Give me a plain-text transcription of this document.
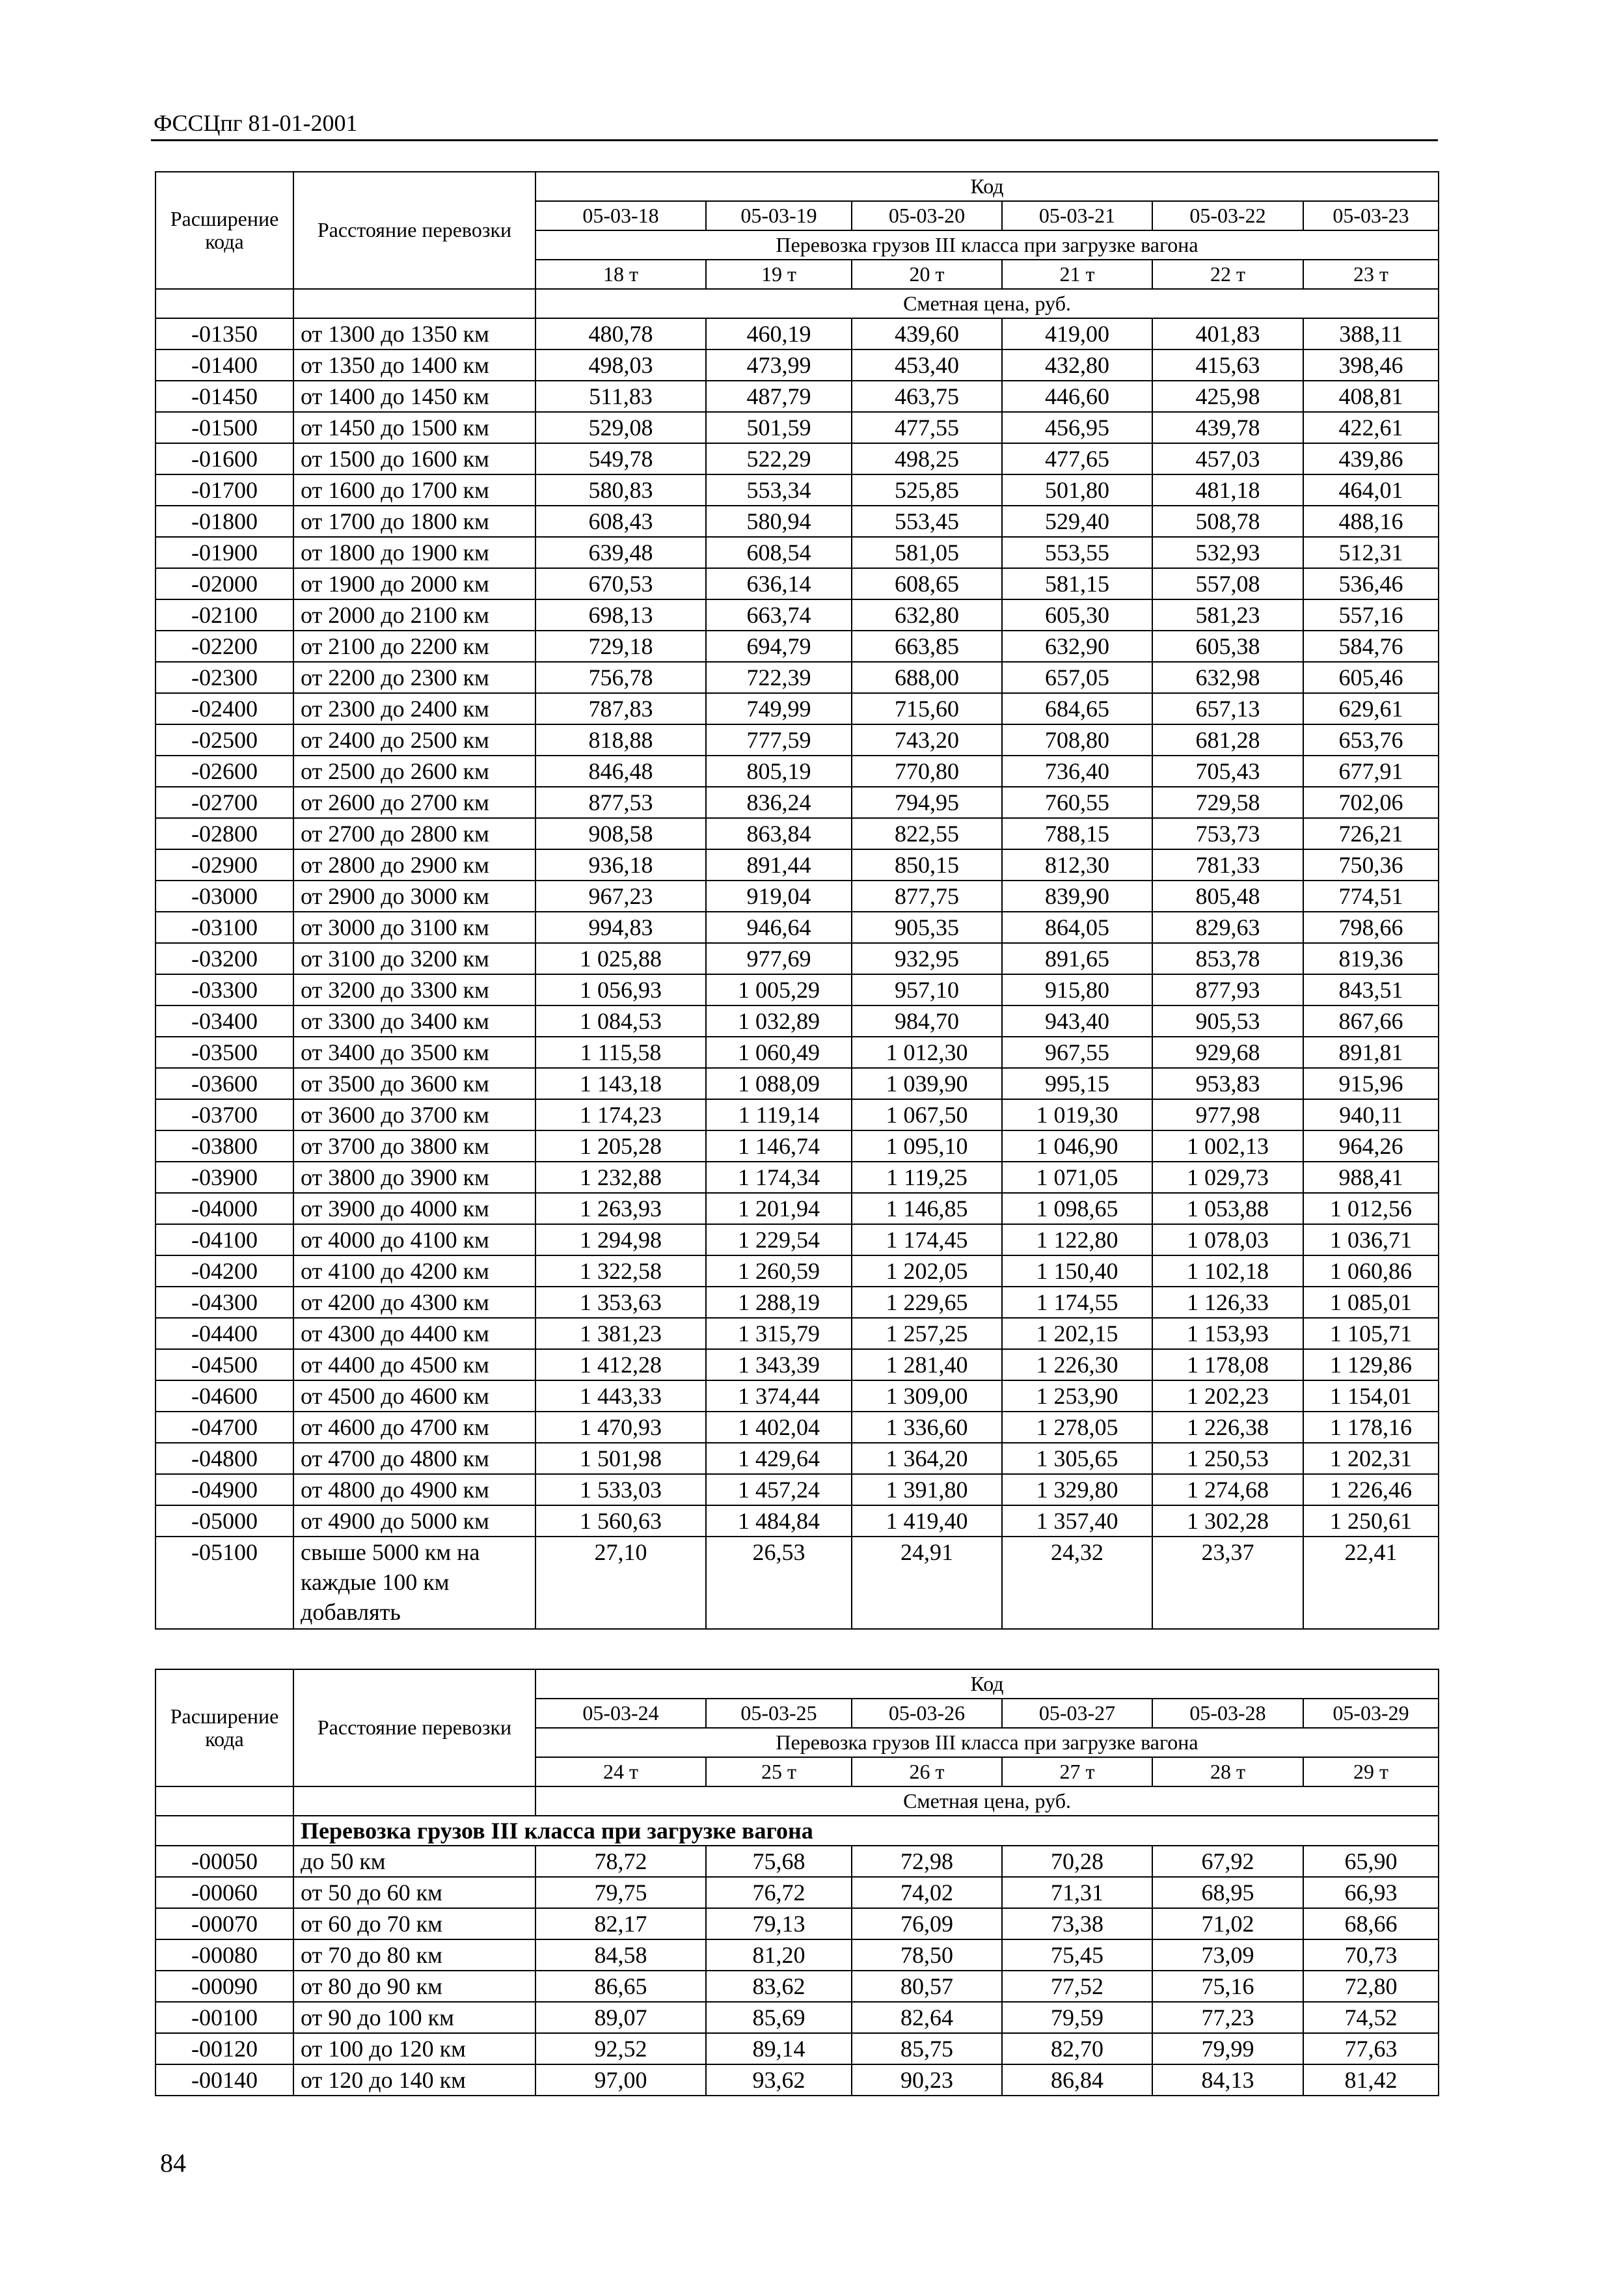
ФССЦпг 81-01-2001
Расширение кода	Расстояние перевозки	Код					
		05-03-18	05-03-19	05-03-20	05-03-21	05-03-22	05-03-23
		Перевозка грузов III класса при загрузке вагона					
		18 т	19 т	20 т	21 т	22 т	23 т
		Сметная цена, руб.					
-01350	от 1300 до 1350 км	480,78	460,19	439,60	419,00	401,83	388,11
-01400	от 1350 до 1400 км	498,03	473,99	453,40	432,80	415,63	398,46
-01450	от 1400 до 1450 км	511,83	487,79	463,75	446,60	425,98	408,81
-01500	от 1450 до 1500 км	529,08	501,59	477,55	456,95	439,78	422,61
-01600	от 1500 до 1600 км	549,78	522,29	498,25	477,65	457,03	439,86
-01700	от 1600 до 1700 км	580,83	553,34	525,85	501,80	481,18	464,01
-01800	от 1700 до 1800 км	608,43	580,94	553,45	529,40	508,78	488,16
-01900	от 1800 до 1900 км	639,48	608,54	581,05	553,55	532,93	512,31
-02000	от 1900 до 2000 км	670,53	636,14	608,65	581,15	557,08	536,46
-02100	от 2000 до 2100 км	698,13	663,74	632,80	605,30	581,23	557,16
-02200	от 2100 до 2200 км	729,18	694,79	663,85	632,90	605,38	584,76
-02300	от 2200 до 2300 км	756,78	722,39	688,00	657,05	632,98	605,46
-02400	от 2300 до 2400 км	787,83	749,99	715,60	684,65	657,13	629,61
-02500	от 2400 до 2500 км	818,88	777,59	743,20	708,80	681,28	653,76
-02600	от 2500 до 2600 км	846,48	805,19	770,80	736,40	705,43	677,91
-02700	от 2600 до 2700 км	877,53	836,24	794,95	760,55	729,58	702,06
-02800	от 2700 до 2800 км	908,58	863,84	822,55	788,15	753,73	726,21
-02900	от 2800 до 2900 км	936,18	891,44	850,15	812,30	781,33	750,36
-03000	от 2900 до 3000 км	967,23	919,04	877,75	839,90	805,48	774,51
-03100	от 3000 до 3100 км	994,83	946,64	905,35	864,05	829,63	798,66
-03200	от 3100 до 3200 км	1 025,88	977,69	932,95	891,65	853,78	819,36
-03300	от 3200 до 3300 км	1 056,93	1 005,29	957,10	915,80	877,93	843,51
-03400	от 3300 до 3400 км	1 084,53	1 032,89	984,70	943,40	905,53	867,66
-03500	от 3400 до 3500 км	1 115,58	1 060,49	1 012,30	967,55	929,68	891,81
-03600	от 3500 до 3600 км	1 143,18	1 088,09	1 039,90	995,15	953,83	915,96
-03700	от 3600 до 3700 км	1 174,23	1 119,14	1 067,50	1 019,30	977,98	940,11
-03800	от 3700 до 3800 км	1 205,28	1 146,74	1 095,10	1 046,90	1 002,13	964,26
-03900	от 3800 до 3900 км	1 232,88	1 174,34	1 119,25	1 071,05	1 029,73	988,41
-04000	от 3900 до 4000 км	1 263,93	1 201,94	1 146,85	1 098,65	1 053,88	1 012,56
-04100	от 4000 до 4100 км	1 294,98	1 229,54	1 174,45	1 122,80	1 078,03	1 036,71
-04200	от 4100 до 4200 км	1 322,58	1 260,59	1 202,05	1 150,40	1 102,18	1 060,86
-04300	от 4200 до 4300 км	1 353,63	1 288,19	1 229,65	1 174,55	1 126,33	1 085,01
-04400	от 4300 до 4400 км	1 381,23	1 315,79	1 257,25	1 202,15	1 153,93	1 105,71
-04500	от 4400 до 4500 км	1 412,28	1 343,39	1 281,40	1 226,30	1 178,08	1 129,86
-04600	от 4500 до 4600 км	1 443,33	1 374,44	1 309,00	1 253,90	1 202,23	1 154,01
-04700	от 4600 до 4700 км	1 470,93	1 402,04	1 336,60	1 278,05	1 226,38	1 178,16
-04800	от 4700 до 4800 км	1 501,98	1 429,64	1 364,20	1 305,65	1 250,53	1 202,31
-04900	от 4800 до 4900 км	1 533,03	1 457,24	1 391,80	1 329,80	1 274,68	1 226,46
-05000	от 4900 до 5000 км	1 560,63	1 484,84	1 419,40	1 357,40	1 302,28	1 250,61
-05100	свыше 5000 км на каждые 100 км добавлять	27,10	26,53	24,91	24,32	23,37	22,41
Расширение кода	Расстояние перевозки	Код					
		05-03-24	05-03-25	05-03-26	05-03-27	05-03-28	05-03-29
		Перевозка грузов III класса при загрузке вагона					
		24 т	25 т	26 т	27 т	28 т	29 т
		Сметная цена, руб.					
	Перевозка грузов III класса при загрузке вагона						
-00050	до 50 км	78,72	75,68	72,98	70,28	67,92	65,90
-00060	от 50 до 60 км	79,75	76,72	74,02	71,31	68,95	66,93
-00070	от 60 до 70 км	82,17	79,13	76,09	73,38	71,02	68,66
-00080	от 70 до 80 км	84,58	81,20	78,50	75,45	73,09	70,73
-00090	от 80 до 90 км	86,65	83,62	80,57	77,52	75,16	72,80
-00100	от 90 до 100 км	89,07	85,69	82,64	79,59	77,23	74,52
-00120	от 100 до 120 км	92,52	89,14	85,75	82,70	79,99	77,63
-00140	от 120 до 140 км	97,00	93,62	90,23	86,84	84,13	81,42
84
